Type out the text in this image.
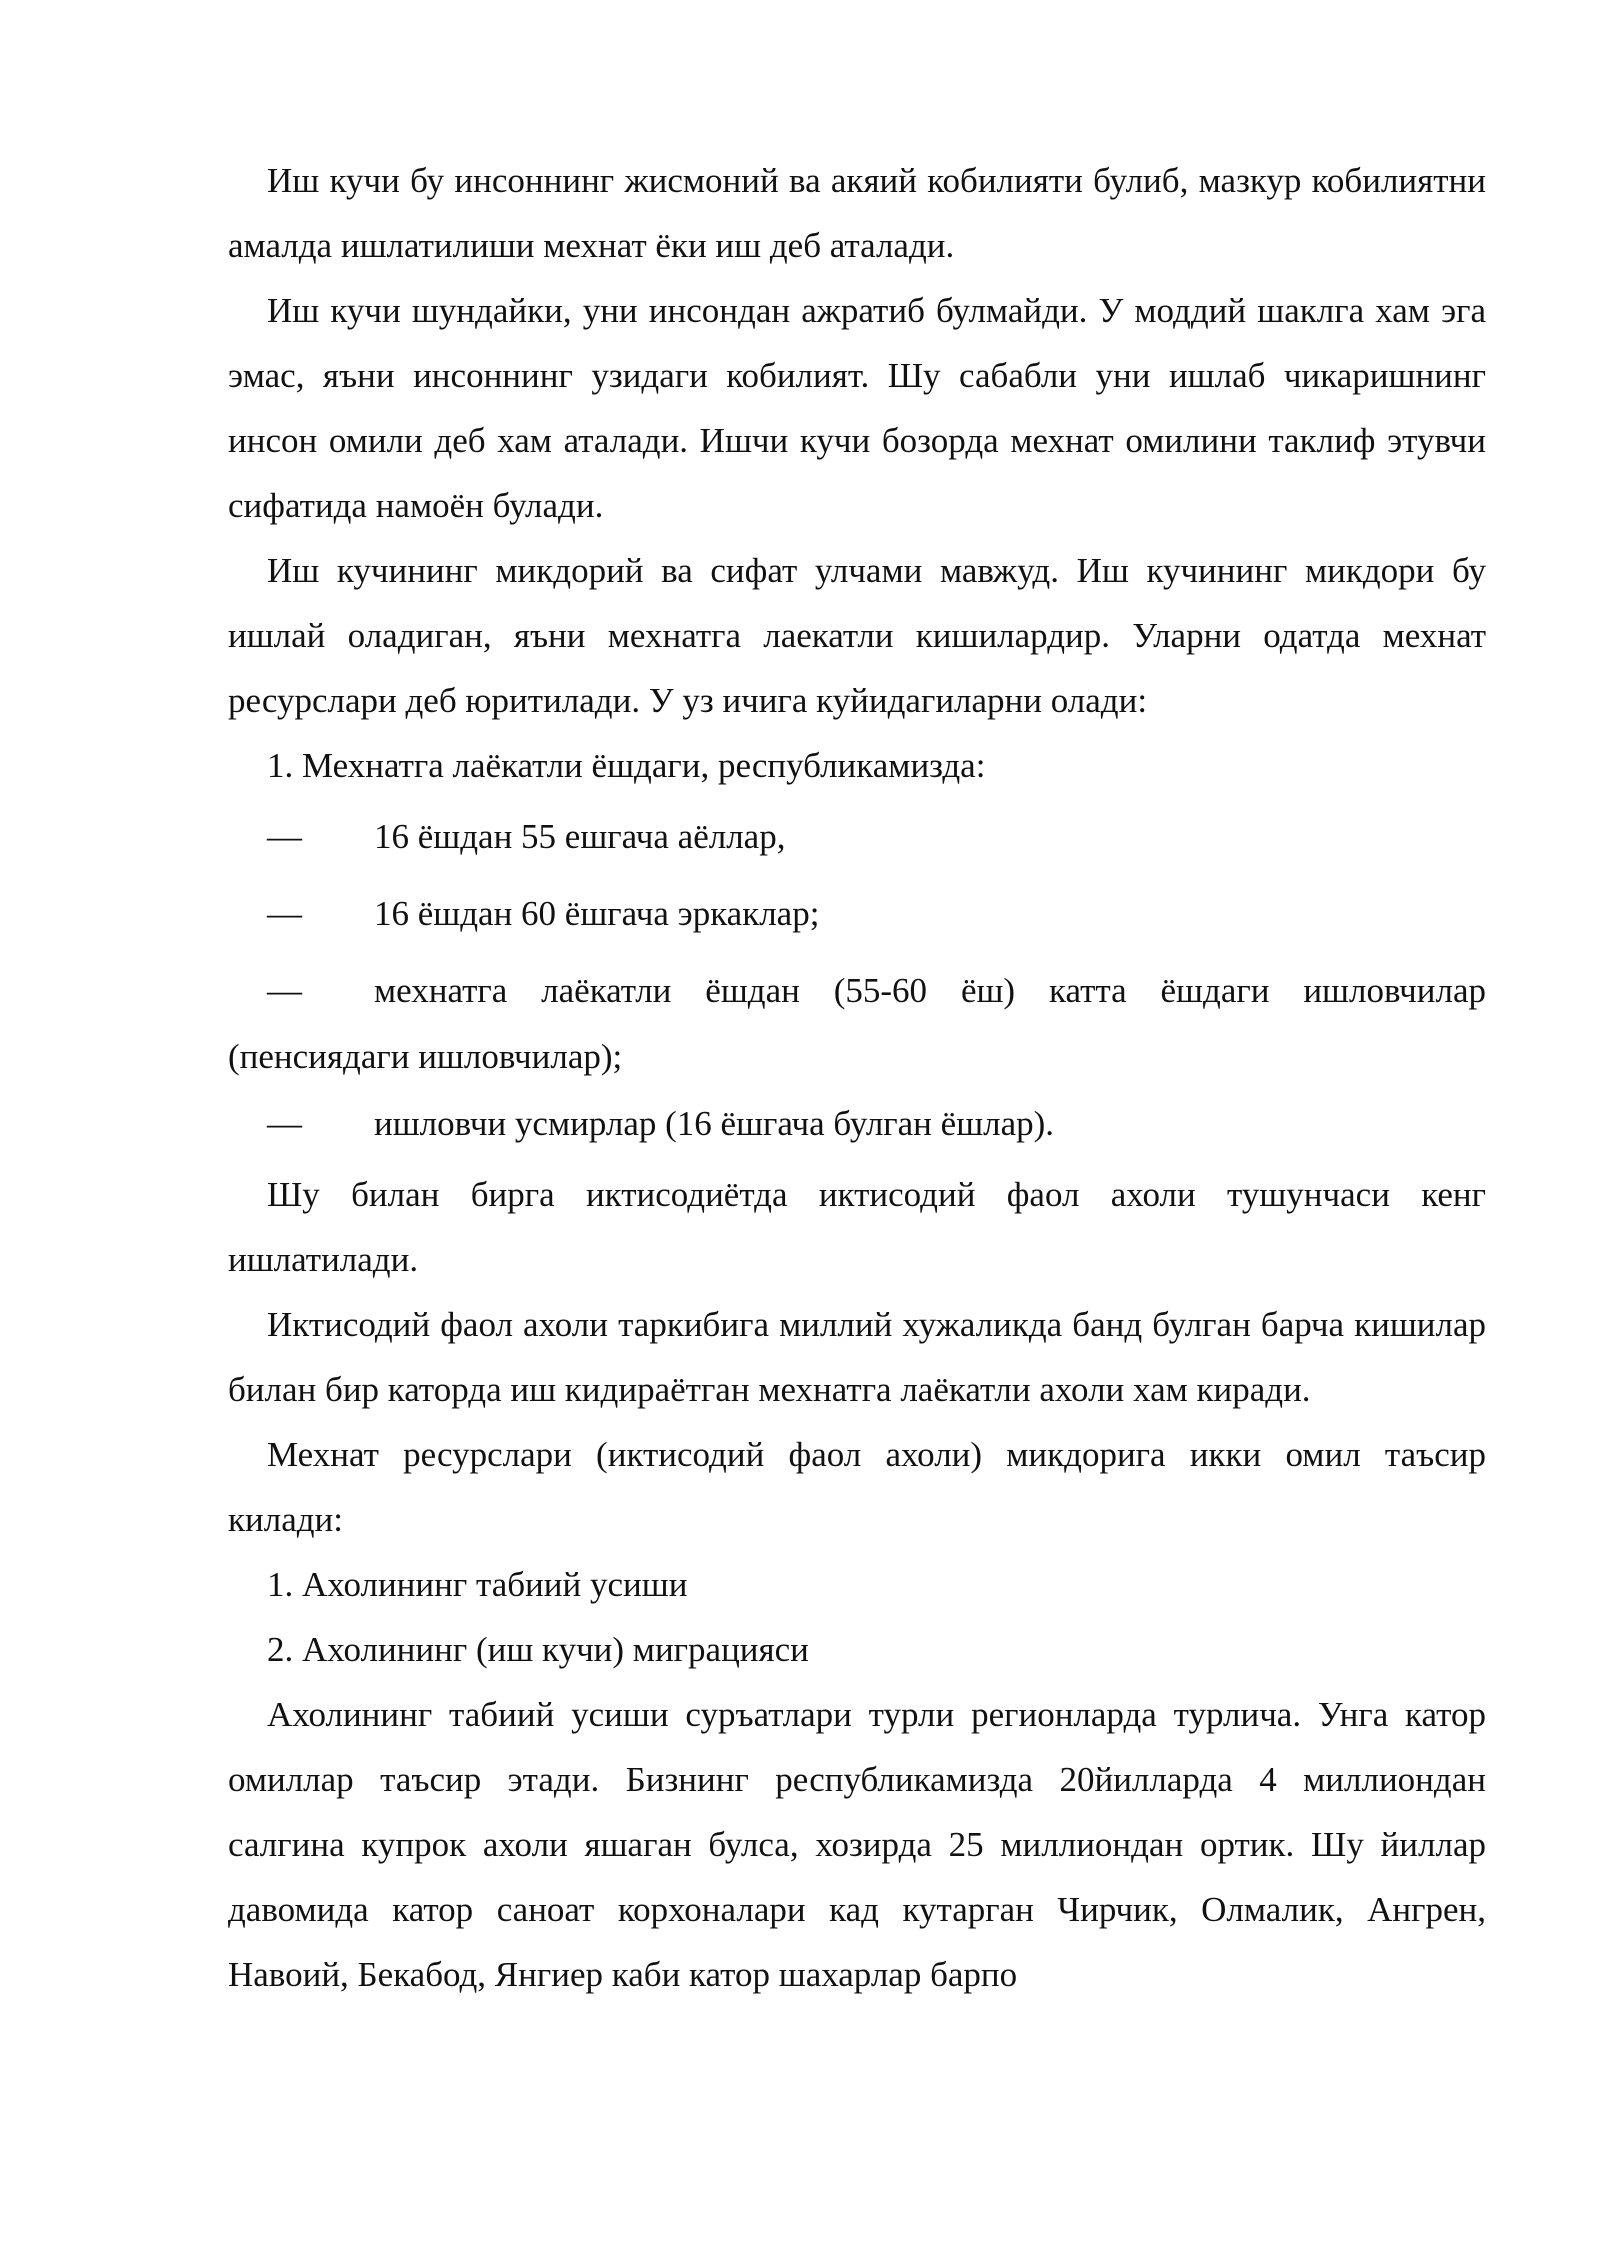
Иш кучи бу инсоннинг жисмоний ва акяий кобилияти булиб, мазкур кобилиятни амалда ишлатилиши мехнат ёки иш деб аталади.

Иш кучи шундайки, уни инсондан ажратиб булмайди. У моддий шаклга хам эга эмас, яъни инсоннинг узидаги кобилият. Шу сабабли уни ишлаб чикаришнинг инсон омили деб хам аталади. Ишчи кучи бозорда мехнат омилини таклиф этувчи сифатида намоён булади.

Иш кучининг микдорий ва сифат улчами мавжуд. Иш кучининг микдори бу ишлай оладиган, яъни мехнатга лаекатли кишилардир. Уларни одатда мехнат ресурслари деб юритилади. У уз ичига куйидагиларни олади:

1. Мехнатга лаёкатли ёшдаги, республикамизда:

—	16 ёшдан 55 ешгача аёллар,
—	16 ёшдан 60 ёшгача эркаклар;
—	мехнатга лаёкатли ёшдан (55-60 ёш) катта ёшдаги ишловчилар
(пенсиядаги ишловчилар);
—	ишловчи усмирлар (16 ёшгача булган ёшлар).

Шу билан бирга иктисодиётда иктисодий фаол ахоли тушунчаси кенг ишлатилади.

Иктисодий фаол ахоли таркибига миллий хужаликда банд булган барча кишилар билан бир каторда иш кидираётган мехнатга лаёкатли ахоли хам киради.

Мехнат ресурслари (иктисодий фаол ахоли) микдорига икки омил таъсир килади:

1. Ахолининг табиий усиши

2. Ахолининг (иш кучи) миграцияси

Ахолининг табиий усиши суръатлари турли регионларда турлича. Унга катор омиллар таъсир этади. Бизнинг республикамизда 20йилларда 4 миллиондан салгина купрок ахоли яшаган булса, хозирда 25 миллиондан ортик. Шу йиллар давомида катор саноат корхоналари кад кутарган Чирчик, Олмалик, Ангрен, Навоий, Бекабод, Янгиер каби катор шахарлар барпо
